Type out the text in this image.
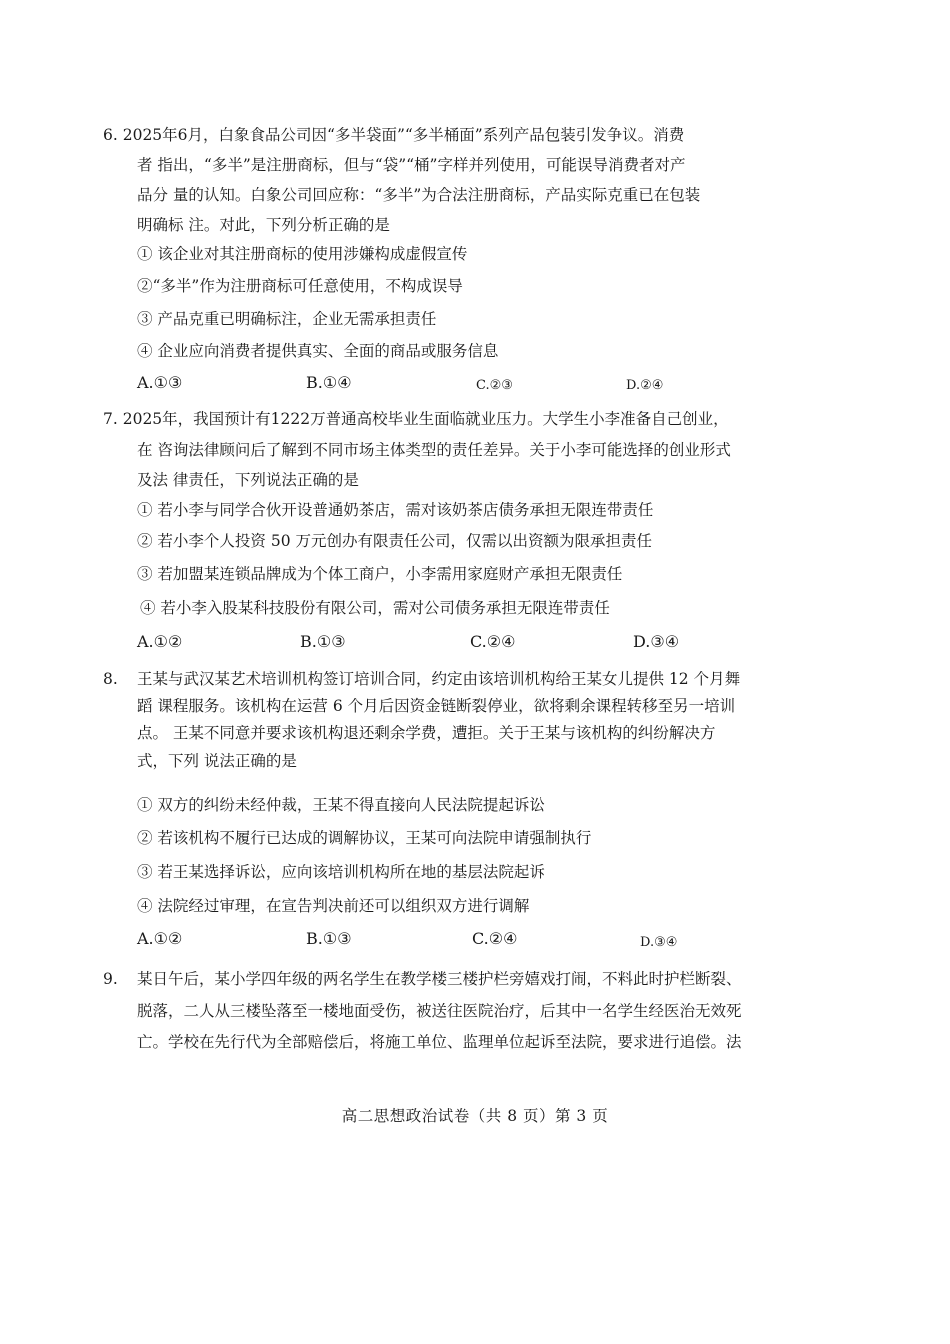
6. 2025年6月，白象食品公司因“多半袋面”“多半桶面”系列产品包装引发争议。消费
者 指出，“多半”是注册商标，但与“袋”“桶”字样并列使用，可能误导消费者对产
品分 量的认知。白象公司回应称：“多半”为合法注册商标，产品实际克重已在包装
明确标 注。对此，下列分析正确的是
① 该企业对其注册商标的使用涉嫌构成虚假宣传
②“多半”作为注册商标可任意使用，不构成误导
③ 产品克重已明确标注，企业无需承担责任
④ 企业应向消费者提供真实、全面的商品或服务信息
A.①③	B.①④	C.②③	D.②④
7. 2025年，我国预计有1222万普通高校毕业生面临就业压力。大学生小李准备自己创业，
在 咨询法律顾问后了解到不同市场主体类型的责任差异。关于小李可能选择的创业形式
及法 律责任，下列说法正确的是
① 若小李与同学合伙开设普通奶茶店，需对该奶茶店债务承担无限连带责任
② 若小李个人投资 50 万元创办有限责任公司，仅需以出资额为限承担责任
③ 若加盟某连锁品牌成为个体工商户，小李需用家庭财产承担无限责任
④ 若小李入股某科技股份有限公司，需对公司债务承担无限连带责任
A.①②	B.①③	C.②④	D.③④
8. 王某与武汉某艺术培训机构签订培训合同，约定由该培训机构给王某女儿提供 12 个月舞
蹈 课程服务。该机构在运营 6 个月后因资金链断裂停业，欲将剩余课程转移至另一培训
点。 王某不同意并要求该机构退还剩余学费，遭拒。关于王某与该机构的纠纷解决方
式，下列 说法正确的是
① 双方的纠纷未经仲裁，王某不得直接向人民法院提起诉讼
② 若该机构不履行已达成的调解协议，王某可向法院申请强制执行
③ 若王某选择诉讼，应向该培训机构所在地的基层法院起诉
④ 法院经过审理，在宣告判决前还可以组织双方进行调解
A.①②	B.①③	C.②④	D.③④
9. 某日午后，某小学四年级的两名学生在教学楼三楼护栏旁嬉戏打闹，不料此时护栏断裂、
脱落，二人从三楼坠落至一楼地面受伤，被送往医院治疗，后其中一名学生经医治无效死
亡。学校在先行代为全部赔偿后，将施工单位、监理单位起诉至法院，要求进行追偿。法
高二思想政治试卷（共 8 页）第 3 页
